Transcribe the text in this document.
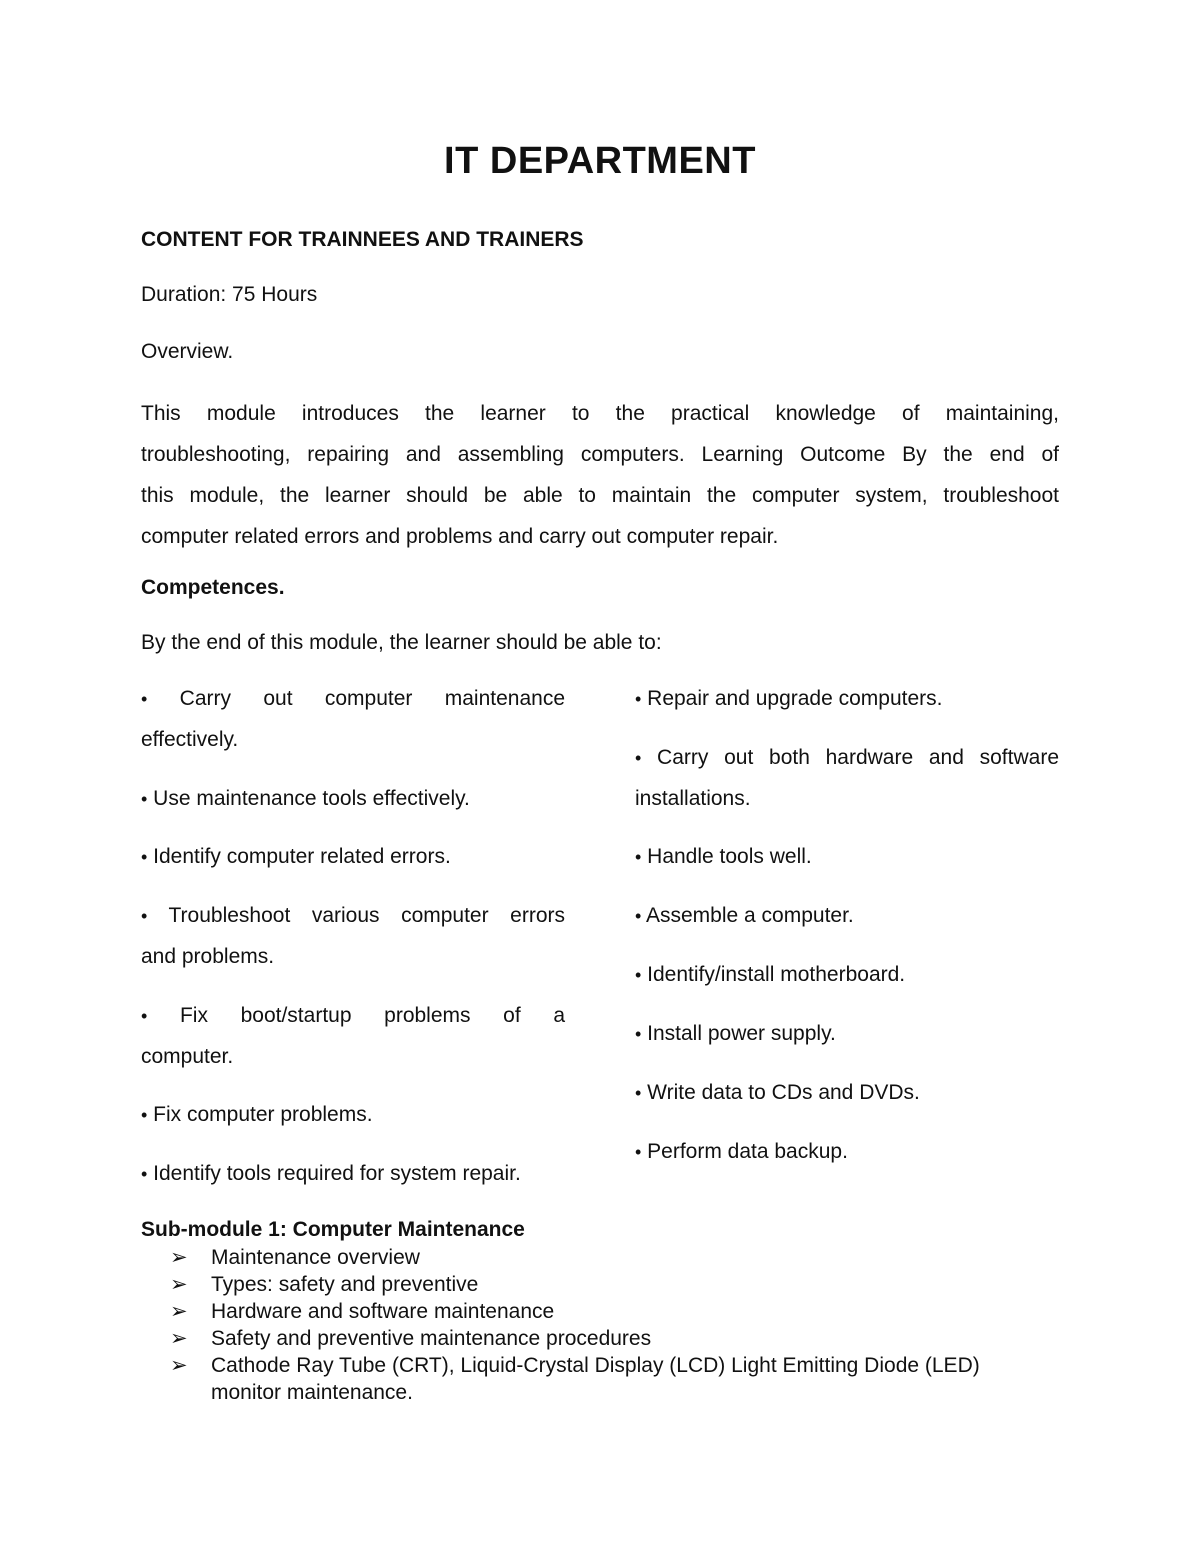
IT DEPARTMENT
CONTENT FOR TRAINNEES AND TRAINERS
Duration: 75 Hours
Overview.
This module introduces the learner to the practical knowledge of maintaining,
troubleshooting, repairing and assembling computers. Learning Outcome By the end of
this module, the learner should be able to maintain the computer system, troubleshoot
computer related errors and problems and carry out computer repair.
Competences.
By the end of this module, the learner should be able to:
• Carry out computer maintenance
effectively.
• Use maintenance tools effectively.
• Identify computer related errors.
• Troubleshoot various computer errors
and problems.
• Fix boot/startup problems of a
computer.
• Fix computer problems.
• Identify tools required for system repair.
• Repair and upgrade computers.
• Carry out both hardware and software
installations.
• Handle tools well.
• Assemble a computer.
• Identify/install motherboard.
• Install power supply.
• Write data to CDs and DVDs.
• Perform data backup.
Sub-module 1: Computer Maintenance
➢	Maintenance overview
➢	Types: safety and preventive
➢	Hardware and software maintenance
➢	Safety and preventive maintenance procedures
➢	Cathode Ray Tube (CRT), Liquid-Crystal Display (LCD) Light Emitting Diode (LED) monitor maintenance.
